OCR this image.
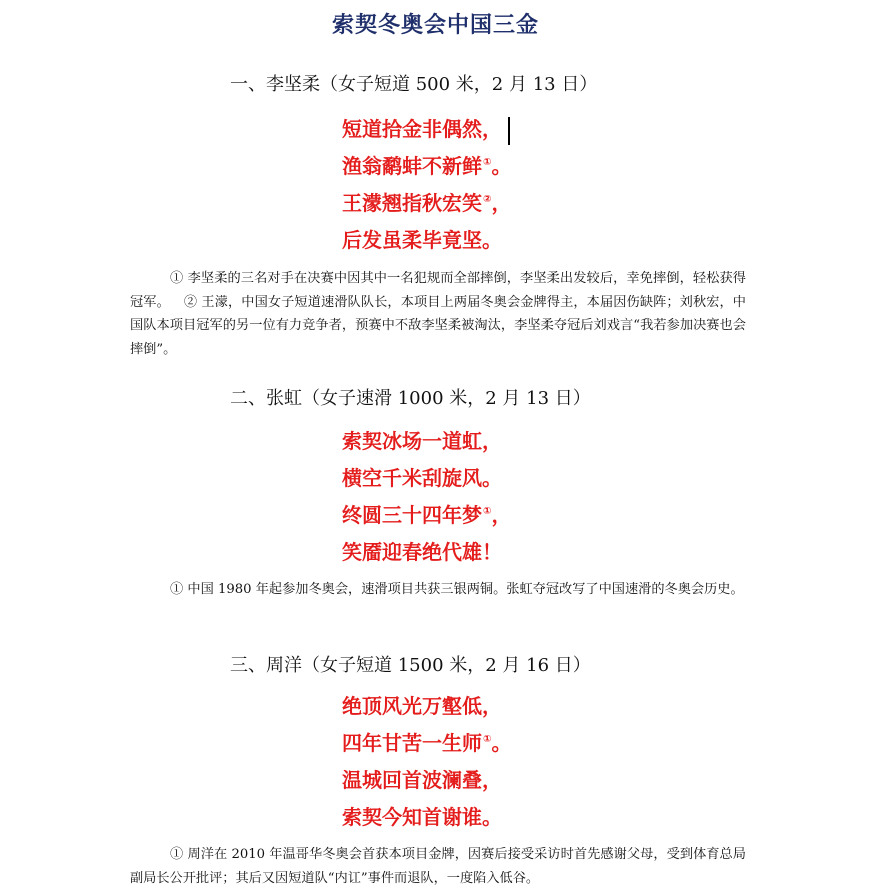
索契冬奥会中国三金
一、李坚柔（女子短道 500 米，2 月 13 日）
短道拾金非偶然，
渔翁鹬蚌不新鲜①。
王濛翘指秋宏笑②，
后发虽柔毕竟坚。

① 李坚柔的三名对手在决赛中因其中一名犯规而全部摔倒，李坚柔出发较后，幸免摔倒，轻松获得冠军。 ② 王濛，中国女子短道速滑队队长，本项目上两届冬奥会金牌得主，本届因伤缺阵；刘秋宏，中国队本项目冠军的另一位有力竞争者，预赛中不敌李坚柔被淘汰，李坚柔夺冠后刘戏言“我若参加决赛也会摔倒”。

二、张虹（女子速滑 1000 米，2 月 13 日）
索契冰场一道虹，
横空千米刮旋风。
终圆三十四年梦①，
笑靥迎春绝代雄！

① 中国 1980 年起参加冬奥会，速滑项目共获三银两铜。张虹夺冠改写了中国速滑的冬奥会历史。

三、周洋（女子短道 1500 米，2 月 16 日）
绝顶风光万壑低，
四年甘苦一生师①。
温城回首波澜叠，
索契今知首谢谁。

① 周洋在 2010 年温哥华冬奥会首获本项目金牌，因赛后接受采访时首先感谢父母，受到体育总局副局长公开批评；其后又因短道队“内讧”事件而退队，一度陷入低谷。
